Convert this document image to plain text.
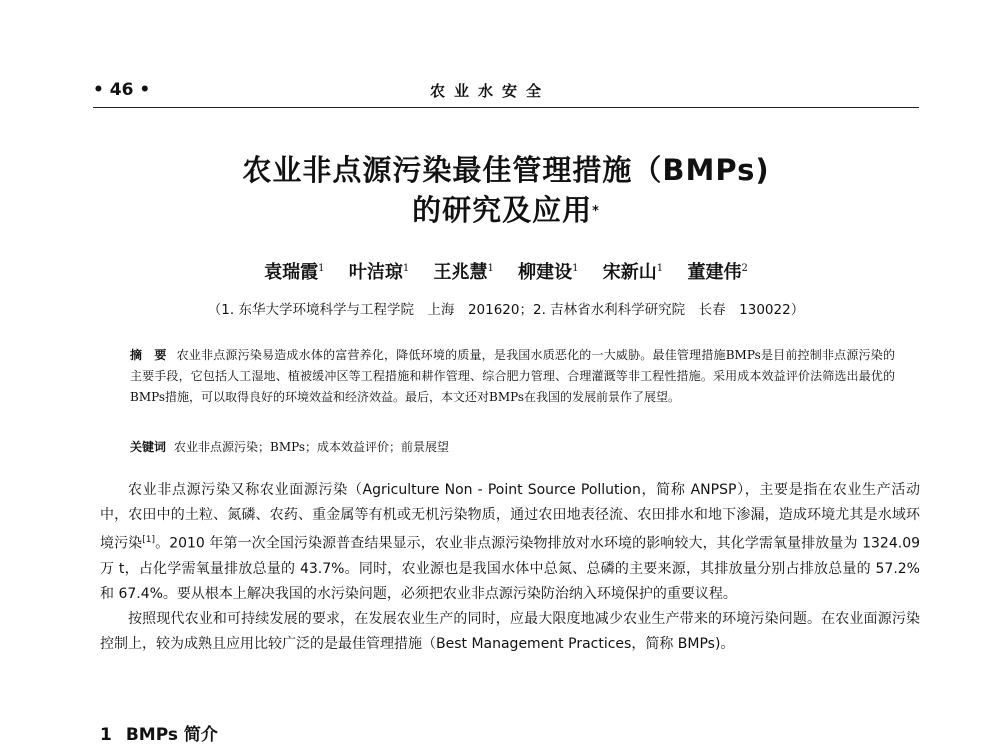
• 46 •	农业水安全
农业非点源污染最佳管理措施（BMPs)
的研究及应用*
袁瑞霞$^1$ 叶洁琼$^1$ 王兆慧$^1$ 柳建设$^1$ 宋新山$^1$ 董建伟$^2$
（1. 东华大学环境科学与工程学院　上海　201620；2. 吉林省水利科学研究院　长春　130022）
摘　要 农业非点源污染易造成水体的富营养化，降低环境的质量，是我国水质恶化的一大威胁。最佳管理措施BMPs是目前控制非点源污染的主要手段，它包括人工湿地、植被缓冲区等工程措施和耕作管理、综合肥力管理、合理灌溉等非工程性措施。采用成本效益评价法筛选出最优的BMPs措施，可以取得良好的环境效益和经济效益。最后，本文还对BMPs在我国的发展前景作了展望。
关键词 农业非点源污染；BMPs；成本效益评价；前景展望

农业非点源污染又称农业面源污染（Agriculture Non - Point Source Pollution，简称 ANPSP），主要是指在农业生产活动中，农田中的土粒、氮磷、农药、重金属等有机或无机污染物质，通过农田地表径流、农田排水和地下渗漏，造成环境尤其是水域环境污染[1]。2010 年第一次全国污染源普查结果显示，农业非点源污染物排放对水环境的影响较大，其化学需氧量排放量为 1324.09 万 t，占化学需氧量排放总量的 43.7%。同时，农业源也是我国水体中总氮、总磷的主要来源，其排放量分别占排放总量的 57.2%和 67.4%。要从根本上解决我国的水污染问题，必须把农业非点源污染防治纳入环境保护的重要议程。

按照现代农业和可持续发展的要求，在发展农业生产的同时，应最大限度地减少农业生产带来的环境污染问题。在农业面源污染控制上，较为成熟且应用比较广泛的是最佳管理措施（Best Management Practices，简称 BMPs)。

1 BMPs 简介
